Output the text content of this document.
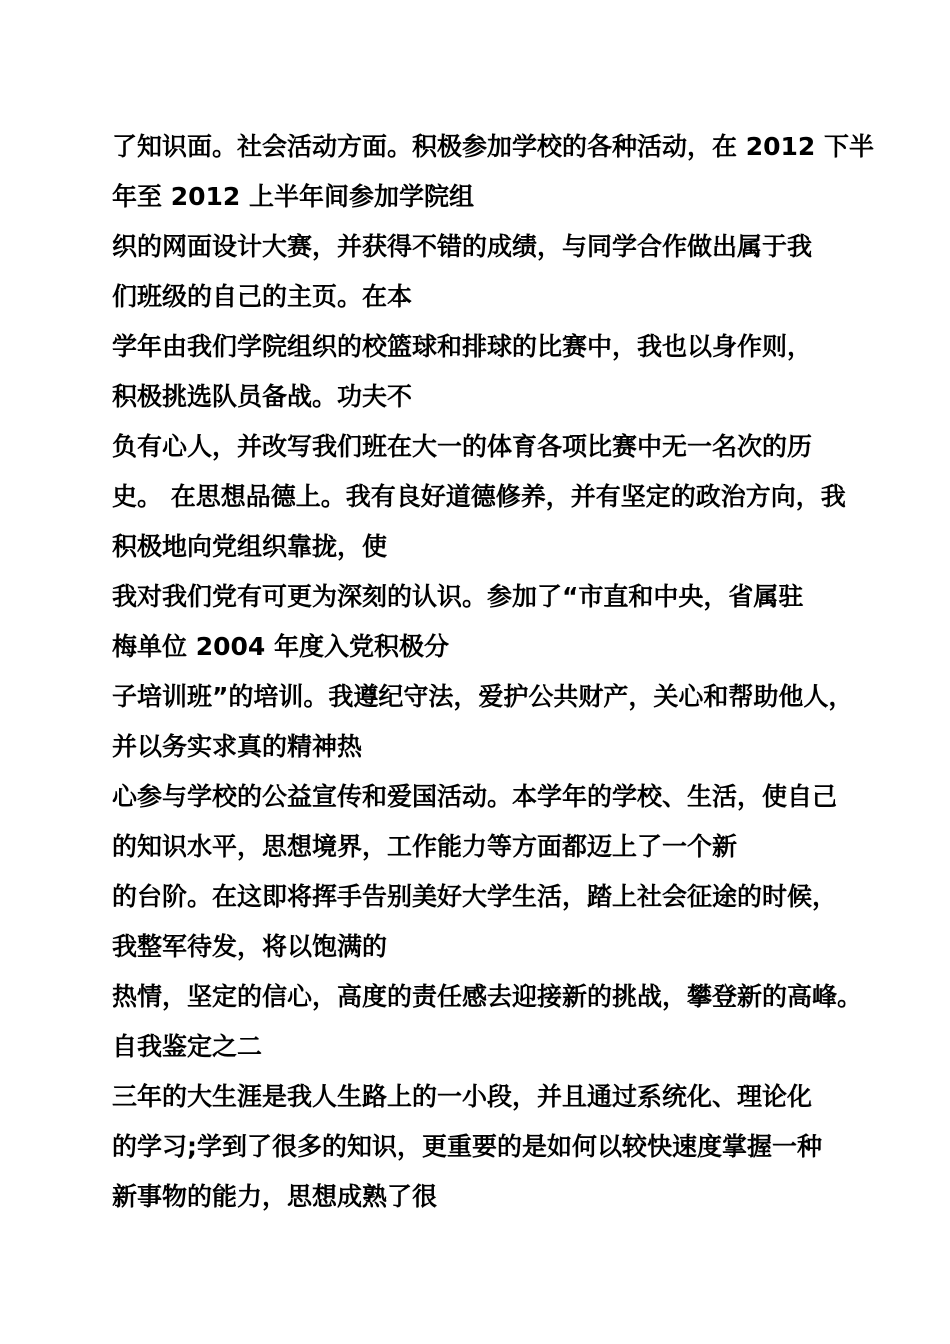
了知识面。社会活动方面。积极参加学校的各种活动，在 2012 下半
年至 2012 上半年间参加学院组
织的网面设计大赛，并获得不错的成绩，与同学合作做出属于我
们班级的自己的主页。在本
学年由我们学院组织的校篮球和排球的比赛中，我也以身作则，
积极挑选队员备战。功夫不
负有心人，并改写我们班在大一的体育各项比赛中无一名次的历
史。 在思想品德上。我有良好道德修养，并有坚定的政治方向，我
积极地向党组织靠拢，使
我对我们党有可更为深刻的认识。参加了“市直和中央，省属驻
梅单位 2004 年度入党积极分
子培训班”的培训。我遵纪守法，爱护公共财产，关心和帮助他人，
并以务实求真的精神热
心参与学校的公益宣传和爱国活动。本学年的学校、生活，使自己
的知识水平，思想境界，工作能力等方面都迈上了一个新
的台阶。在这即将挥手告别美好大学生活，踏上社会征途的时候，
我整军待发，将以饱满的
热情，坚定的信心，高度的责任感去迎接新的挑战，攀登新的高峰。
自我鉴定之二
三年的大生涯是我人生路上的一小段，并且通过系统化、理论化
的学习;学到了很多的知识，更重要的是如何以较快速度掌握一种
新事物的能力，思想成熟了很
